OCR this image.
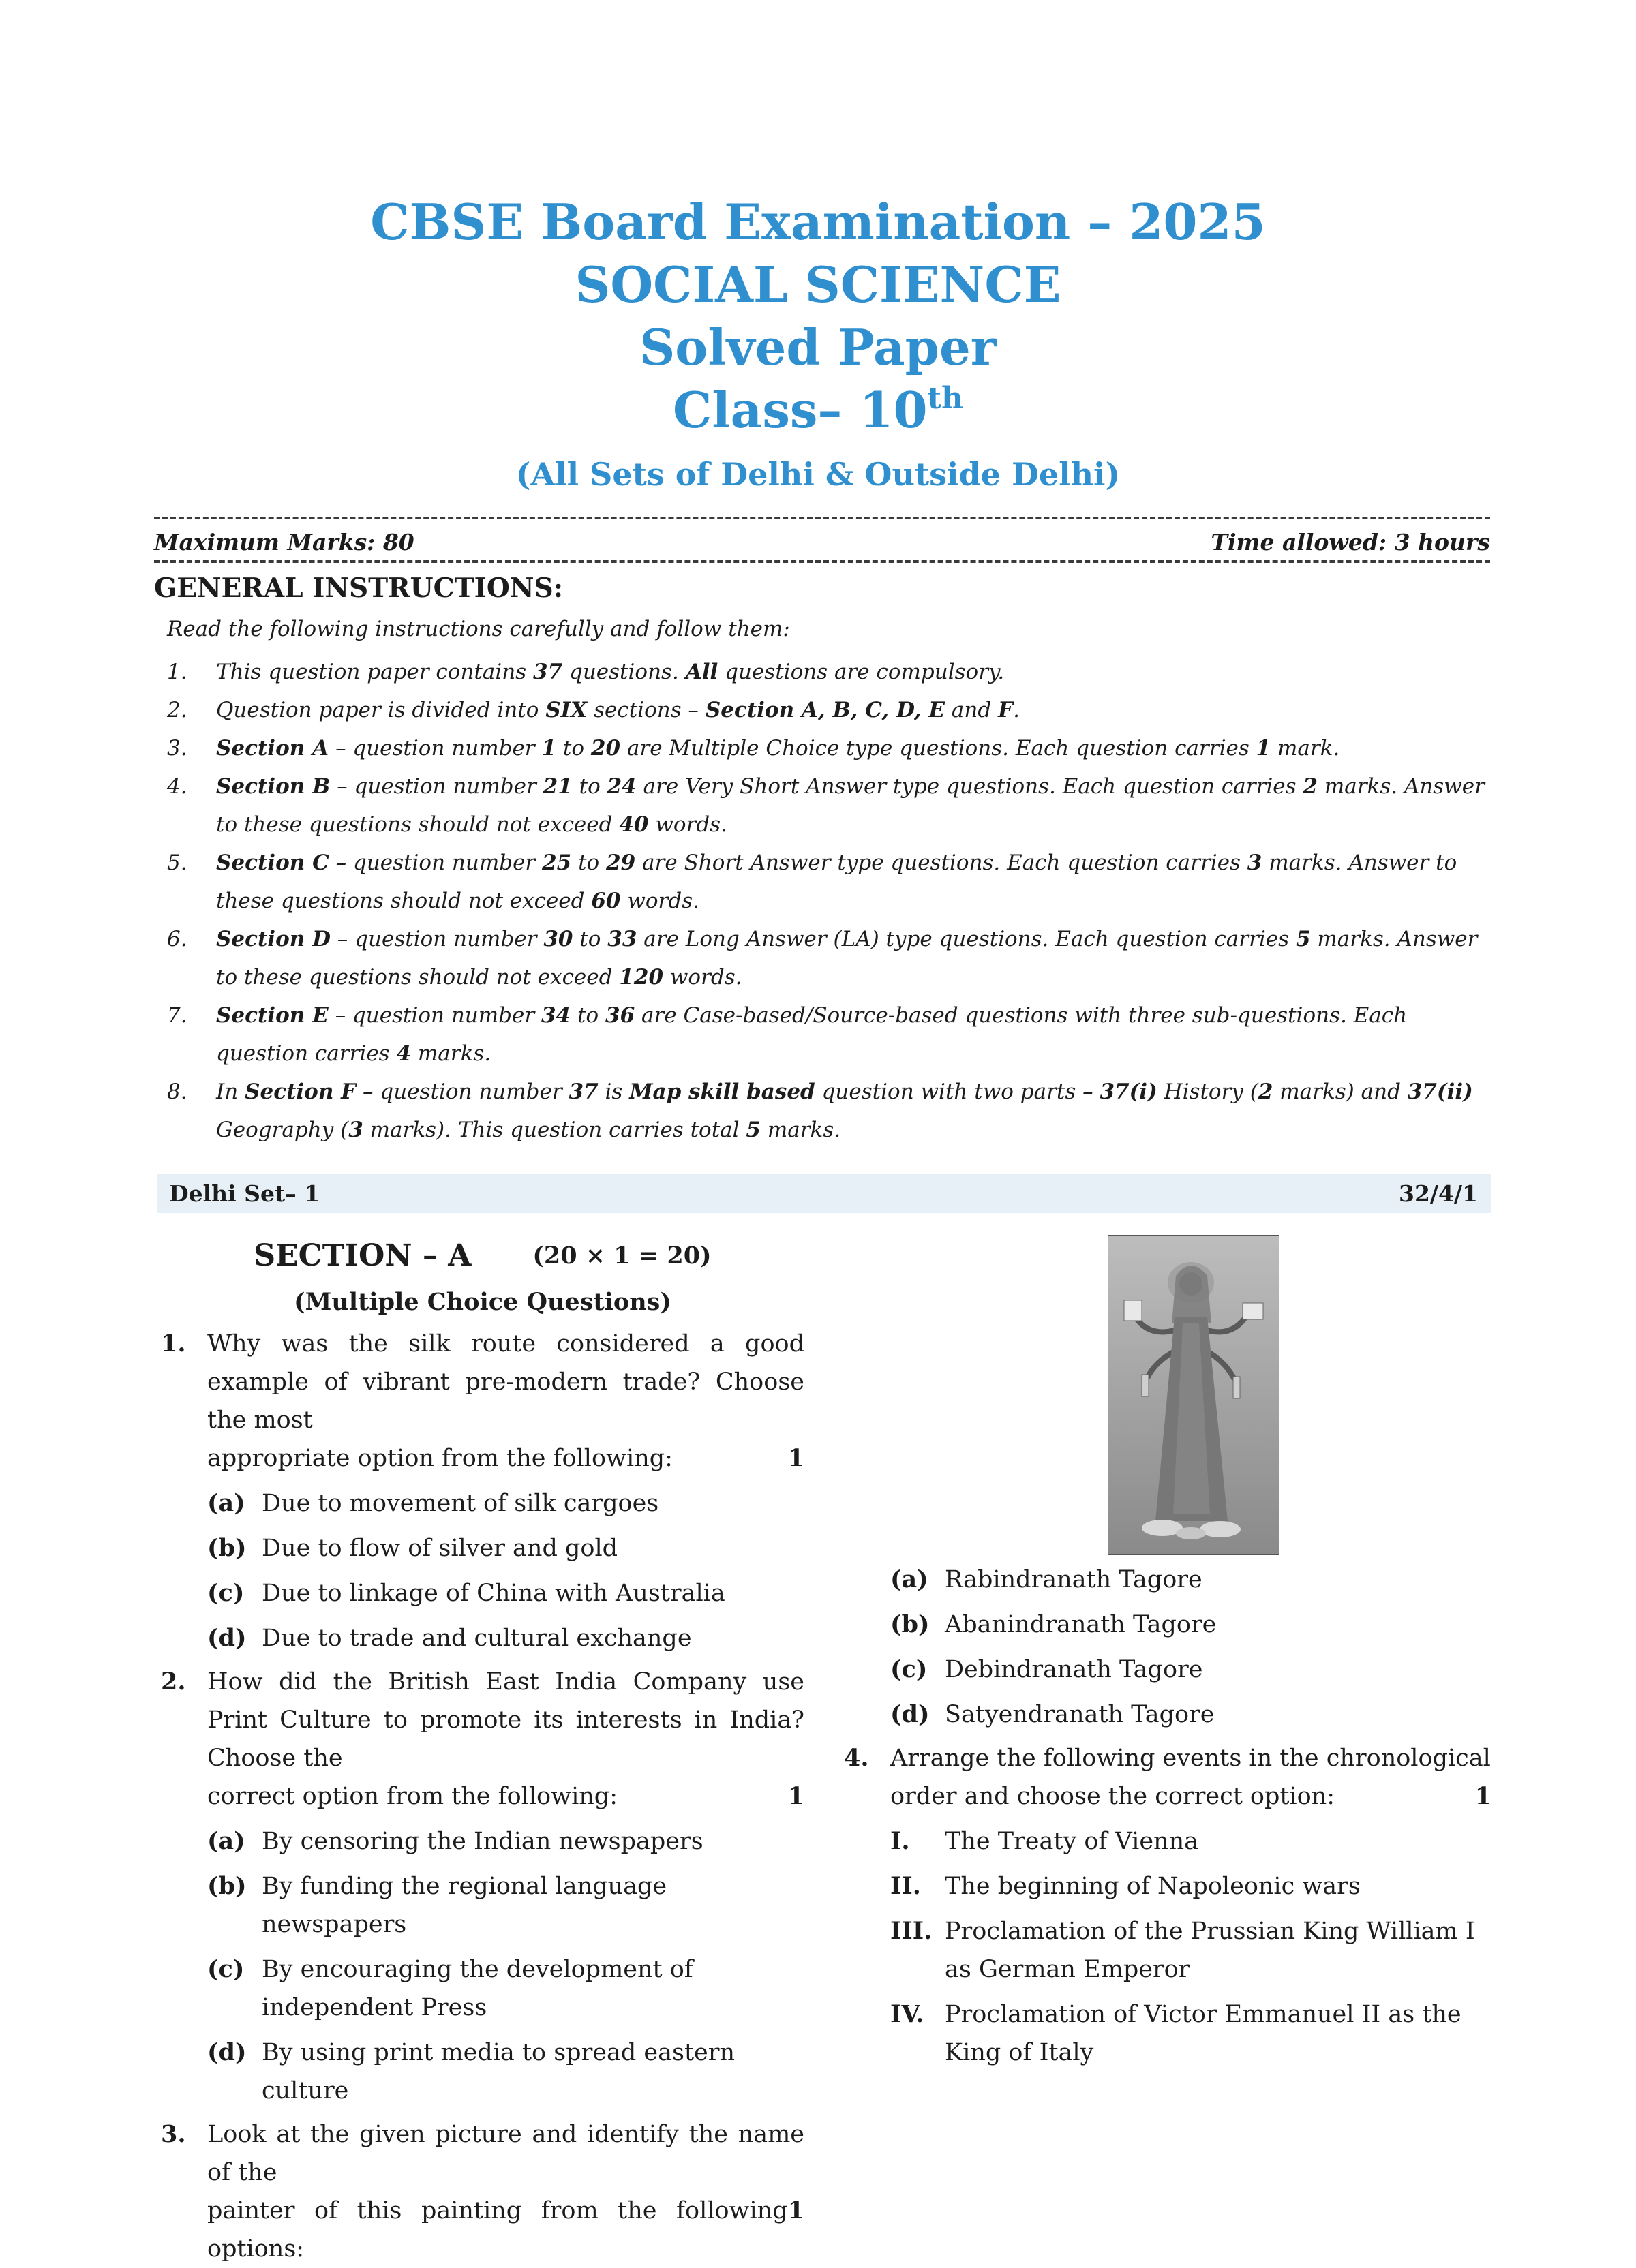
CBSE Board Examination – 2025
SOCIAL SCIENCE
Solved Paper
Class– 10th
(All Sets of Delhi & Outside Delhi)
Maximum Marks: 80	Time allowed: 3 hours
GENERAL INSTRUCTIONS:
Read the following instructions carefully and follow them:
1.	This question paper contains 37 questions. All questions are compulsory.
2.	Question paper is divided into SIX sections – Section A, B, C, D, E and F.
3.	Section A – question number 1 to 20 are Multiple Choice type questions. Each question carries 1 mark.
4.	Section B – question number 21 to 24 are Very Short Answer type questions. Each question carries 2 marks. Answer to these questions should not exceed 40 words.
5.	Section C – question number 25 to 29 are Short Answer type questions. Each question carries 3 marks. Answer to these questions should not exceed 60 words.
6.	Section D – question number 30 to 33 are Long Answer (LA) type questions. Each question carries 5 marks. Answer to these questions should not exceed 120 words.
7.	Section E – question number 34 to 36 are Case-based/Source-based questions with three sub-questions. Each question carries 4 marks.
8.	In Section F – question number 37 is Map skill based question with two parts – 37(i) History (2 marks) and 37(ii) Geography (3 marks). This question carries total 5 marks.
Delhi Set– 1	32/4/1
SECTION – A	(20 × 1 = 20)
(Multiple Choice Questions)
1. Why was the silk route considered a good example of vibrant pre-modern trade? Choose the most
appropriate option from the following:	1
(a) Due to movement of silk cargoes
(b) Due to flow of silver and gold
(c) Due to linkage of China with Australia
(d) Due to trade and cultural exchange
2. How did the British East India Company use Print Culture to promote its interests in India? Choose the
correct option from the following:	1
(a) By censoring the Indian newspapers
(b) By funding the regional language newspapers
(c) By encouraging the development of independent Press
(d) By using print media to spread eastern culture
3. Look at the given picture and identify the name of the
painter of this painting from the following options:
1
(a) Rabindranath Tagore
(b) Abanindranath Tagore
(c) Debindranath Tagore
(d) Satyendranath Tagore
4. Arrange the following events in the chronological
order and choose the correct option:	1
I.	The Treaty of Vienna
II.	The beginning of Napoleonic wars
III. Proclamation of the Prussian King William I as German Emperor
IV. Proclamation of Victor Emmanuel II as the King of Italy
